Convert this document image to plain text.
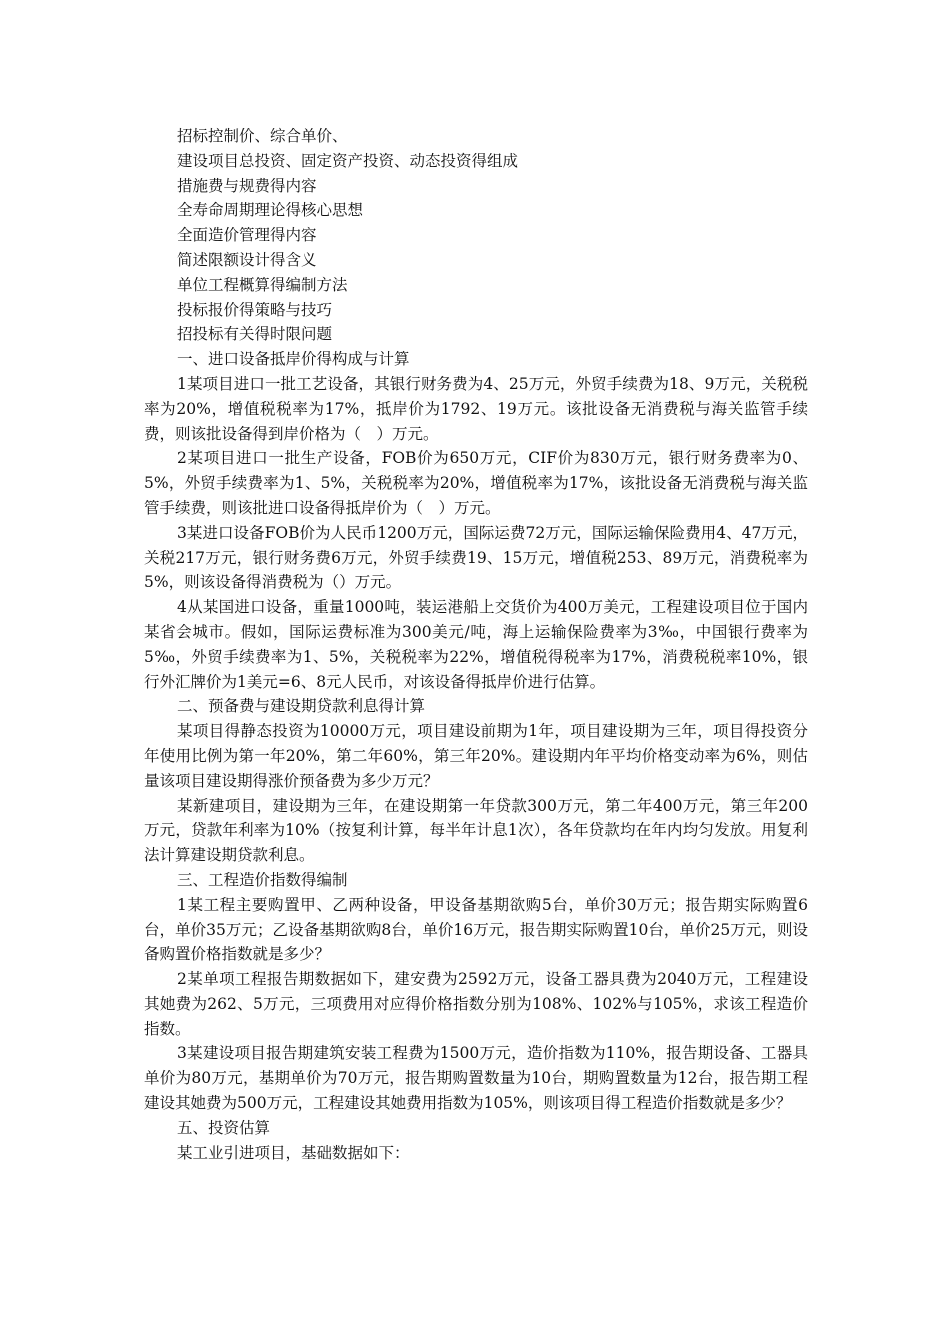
招标控制价、综合单价、

建设项目总投资、固定资产投资、动态投资得组成

措施费与规费得内容

全寿命周期理论得核心思想

全面造价管理得内容

简述限额设计得含义

单位工程概算得编制方法

投标报价得策略与技巧

招投标有关得时限问题

一、进口设备抵岸价得构成与计算

1某项目进口一批工艺设备，其银行财务费为4、25万元，外贸手续费为18、9万元，关税税率为20%，增值税税率为17%，抵岸价为1792、19万元。该批设备无消费税与海关监管手续费，则该批设备得到岸价格为（　）万元。

2某项目进口一批生产设备，FOB价为650万元，CIF价为830万元，银行财务费率为0、5%，外贸手续费率为1、5%，关税税率为20%，增值税率为17%，该批设备无消费税与海关监管手续费，则该批进口设备得抵岸价为（　）万元。

3某进口设备FOB价为人民币1200万元，国际运费72万元，国际运输保险费用4、47万元，关税217万元，银行财务费6万元，外贸手续费19、15万元，增值税253、89万元，消费税率为5%，则该设备得消费税为（）万元。

4从某国进口设备，重量1000吨，装运港船上交货价为400万美元，工程建设项目位于国内某省会城市。假如，国际运费标准为300美元/吨，海上运输保险费率为3‰，中国银行费率为5‰，外贸手续费率为1、5%，关税税率为22%，增值税得税率为17%，消费税税率10%，银行外汇牌价为1美元=6、8元人民币，对该设备得抵岸价进行估算。

二、预备费与建设期贷款利息得计算

某项目得静态投资为10000万元，项目建设前期为1年，项目建设期为三年，项目得投资分年使用比例为第一年20%，第二年60%，第三年20%。建设期内年平均价格变动率为6%，则估量该项目建设期得涨价预备费为多少万元？

某新建项目，建设期为三年，在建设期第一年贷款300万元，第二年400万元，第三年200万元，贷款年利率为10%（按复利计算，每半年计息1次），各年贷款均在年内均匀发放。用复利法计算建设期贷款利息。

三、工程造价指数得编制

1某工程主要购置甲、乙两种设备，甲设备基期欲购5台，单价30万元；报告期实际购置6台，单价35万元；乙设备基期欲购8台，单价16万元，报告期实际购置10台，单价25万元，则设备购置价格指数就是多少？

2某单项工程报告期数据如下，建安费为2592万元，设备工器具费为2040万元，工程建设其她费为262、5万元，三项费用对应得价格指数分别为108%、102%与105%，求该工程造价指数。

3某建设项目报告期建筑安装工程费为1500万元，造价指数为110%，报告期设备、工器具单价为80万元，基期单价为70万元，报告期购置数量为10台，期购置数量为12台，报告期工程建设其她费为500万元，工程建设其她费用指数为105%，则该项目得工程造价指数就是多少？

五、投资估算

某工业引进项目，基础数据如下：
